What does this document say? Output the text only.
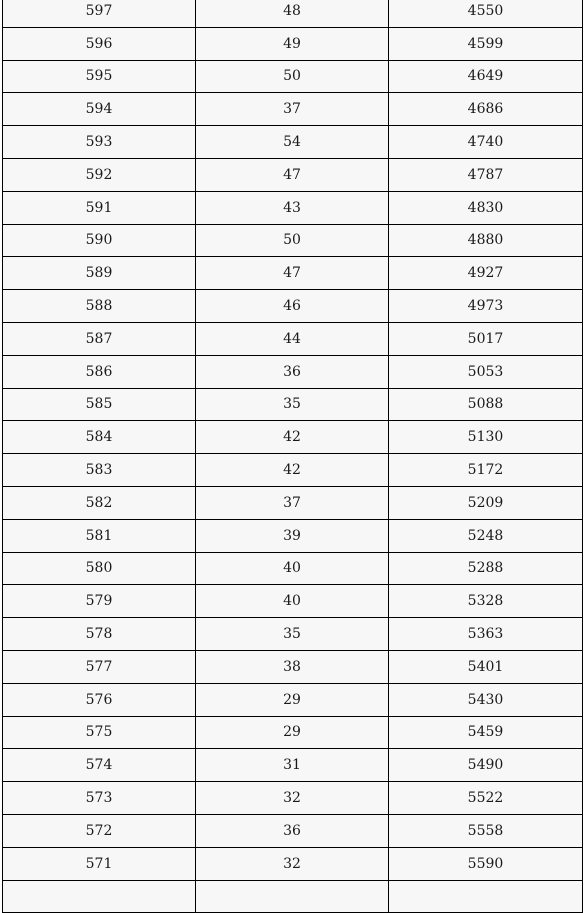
597	48	4550
596	49	4599
595	50	4649
594	37	4686
593	54	4740
592	47	4787
591	43	4830
590	50	4880
589	47	4927
588	46	4973
587	44	5017
586	36	5053
585	35	5088
584	42	5130
583	42	5172
582	37	5209
581	39	5248
580	40	5288
579	40	5328
578	35	5363
577	38	5401
576	29	5430
575	29	5459
574	31	5490
573	32	5522
572	36	5558
571	32	5590
